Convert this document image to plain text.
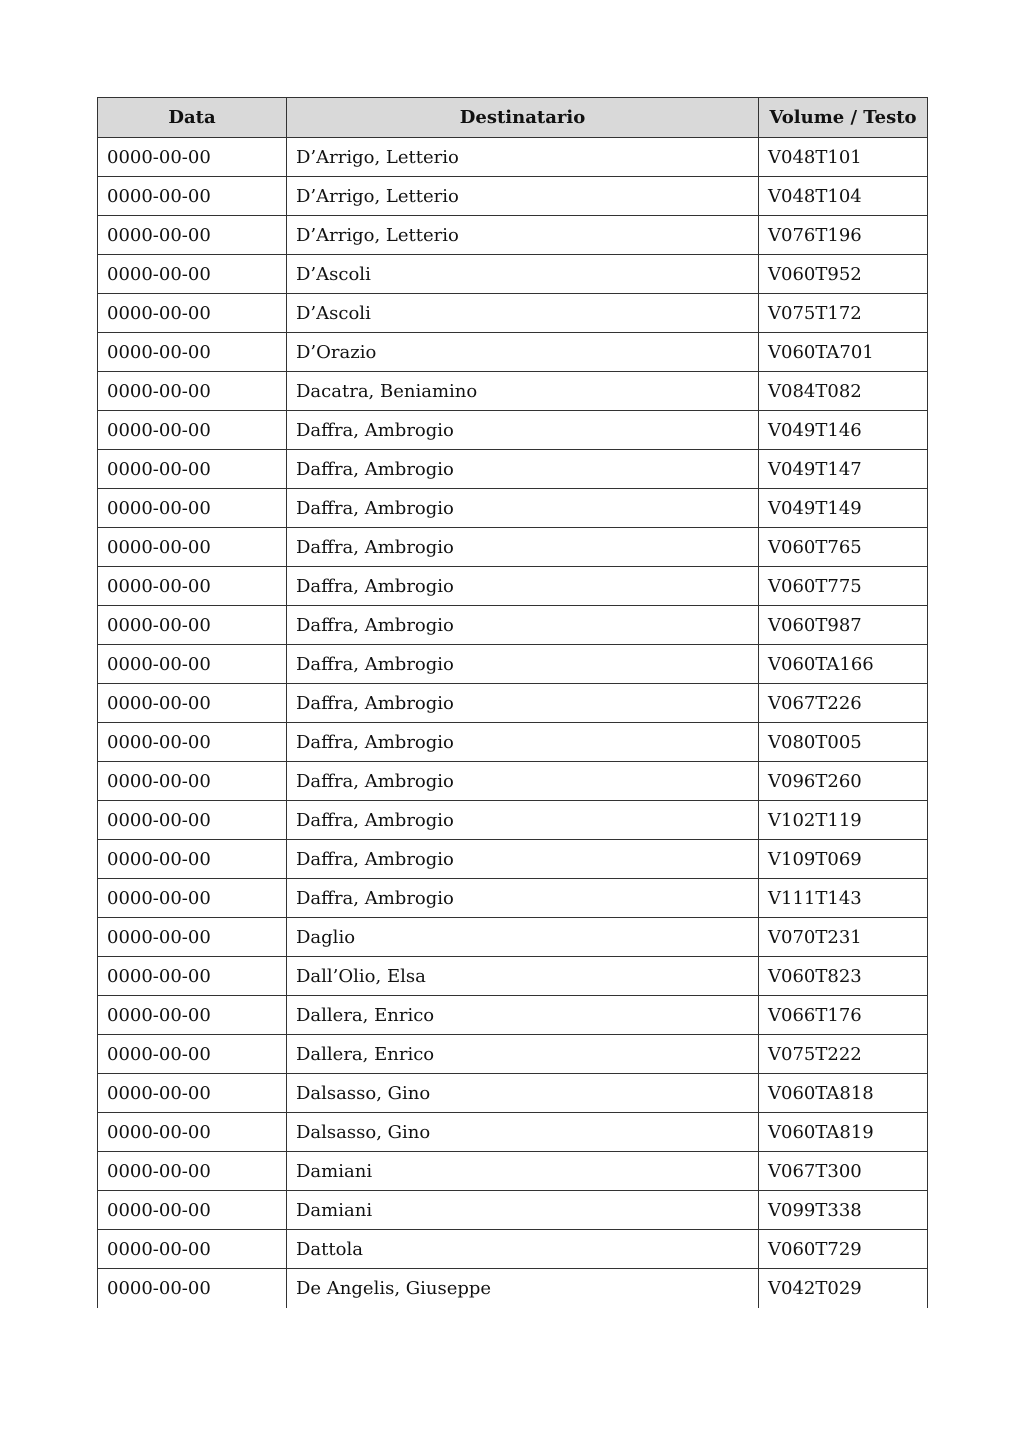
Data	Destinatario	Volume / Testo
0000-00-00	D’Arrigo, Letterio	V048T101
0000-00-00	D’Arrigo, Letterio	V048T104
0000-00-00	D’Arrigo, Letterio	V076T196
0000-00-00	D’Ascoli	V060T952
0000-00-00	D’Ascoli	V075T172
0000-00-00	D’Orazio	V060TA701
0000-00-00	Dacatra, Beniamino	V084T082
0000-00-00	Daffra, Ambrogio	V049T146
0000-00-00	Daffra, Ambrogio	V049T147
0000-00-00	Daffra, Ambrogio	V049T149
0000-00-00	Daffra, Ambrogio	V060T765
0000-00-00	Daffra, Ambrogio	V060T775
0000-00-00	Daffra, Ambrogio	V060T987
0000-00-00	Daffra, Ambrogio	V060TA166
0000-00-00	Daffra, Ambrogio	V067T226
0000-00-00	Daffra, Ambrogio	V080T005
0000-00-00	Daffra, Ambrogio	V096T260
0000-00-00	Daffra, Ambrogio	V102T119
0000-00-00	Daffra, Ambrogio	V109T069
0000-00-00	Daffra, Ambrogio	V111T143
0000-00-00	Daglio	V070T231
0000-00-00	Dall’Olio, Elsa	V060T823
0000-00-00	Dallera, Enrico	V066T176
0000-00-00	Dallera, Enrico	V075T222
0000-00-00	Dalsasso, Gino	V060TA818
0000-00-00	Dalsasso, Gino	V060TA819
0000-00-00	Damiani	V067T300
0000-00-00	Damiani	V099T338
0000-00-00	Dattola	V060T729
0000-00-00	De Angelis, Giuseppe	V042T029
